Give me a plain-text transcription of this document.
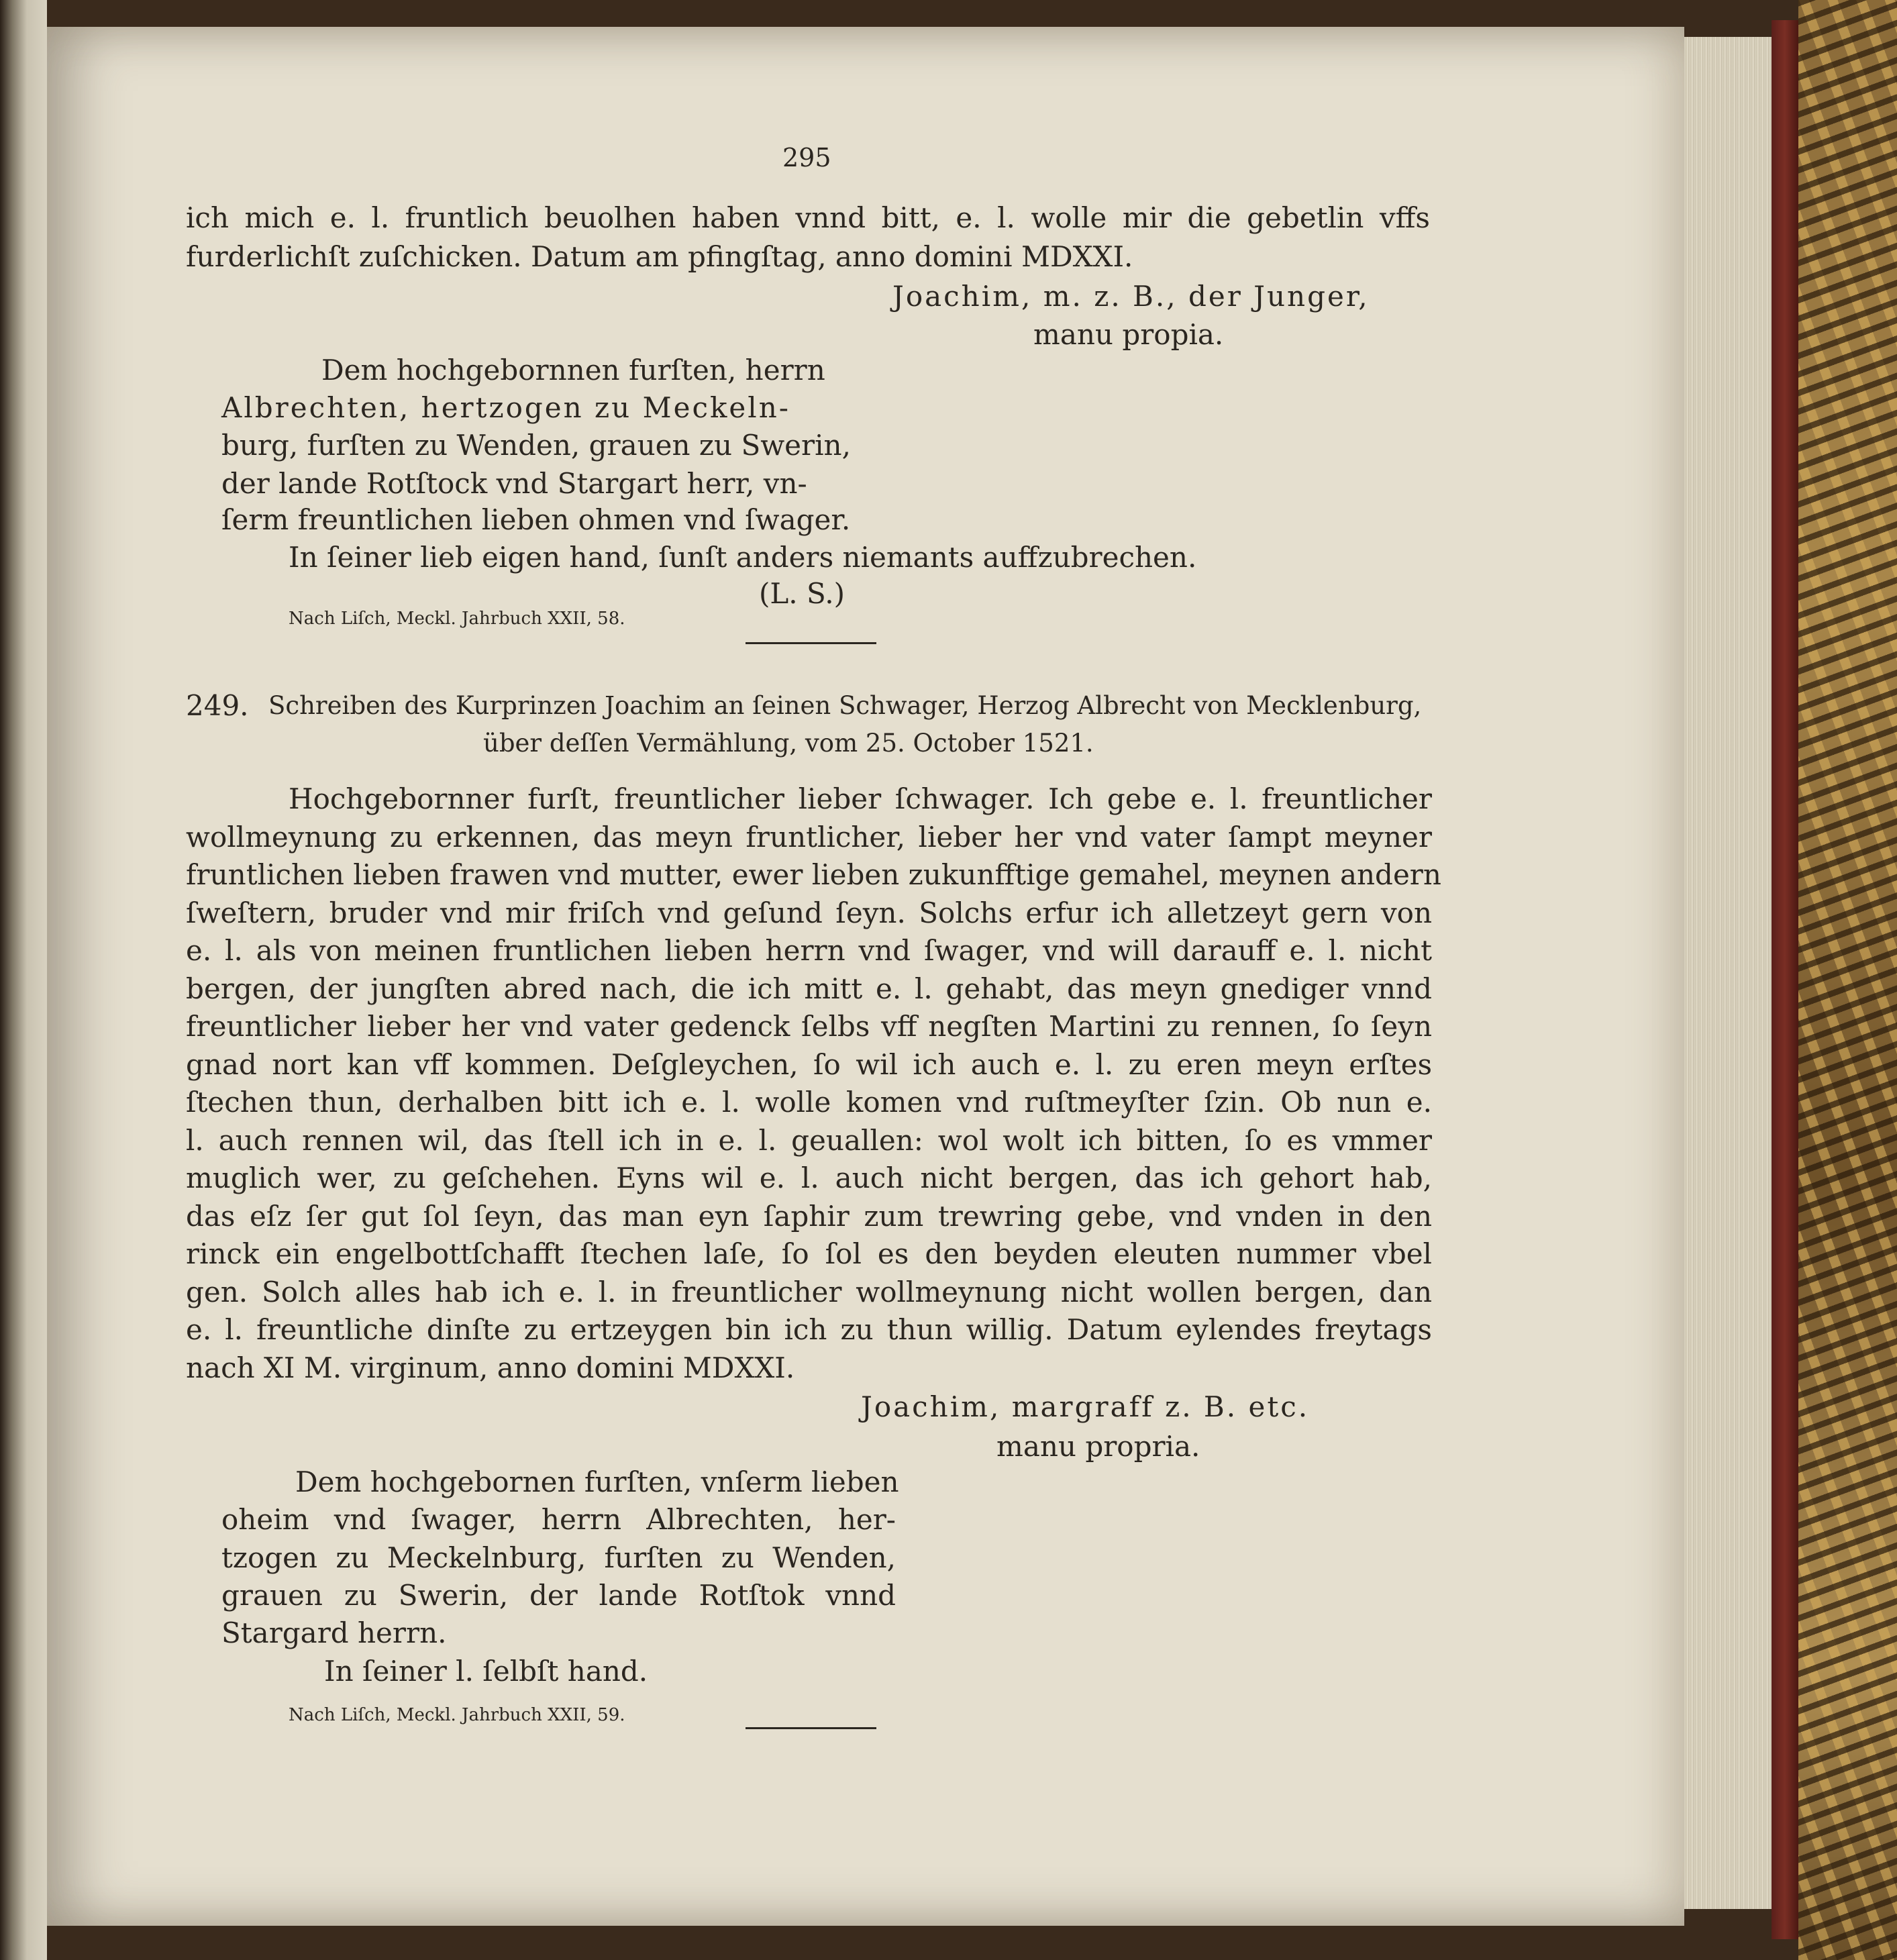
295

ich mich e. l. fruntlich beuolhen haben vnnd bitt, e. l. wolle mir die gebetlin vffs

furderlichſt zuſchicken. Datum am pfingſtag, anno domini MDXXI.

Joachim, m. z. B., der Junger,

manu propia.

Dem hochgebornnen furſten, herrn

Albrechten, hertzogen zu Meckeln-

burg, furſten zu Wenden, grauen zu Swerin,

der lande Rotſtock vnd Stargart herr, vn-

ſerm freuntlichen lieben ohmen vnd ſwager.

In ſeiner lieb eigen hand, ſunſt anders niemants auffzubrechen.

(L. S.)

Nach Liſch, Meckl. Jahrbuch XXII, 58.

249. Schreiben des Kurprinzen Joachim an ſeinen Schwager, Herzog Albrecht von Mecklenburg,

über deſſen Vermählung, vom 25. October 1521.

Hochgebornner furſt, freuntlicher lieber ſchwager. Ich gebe e. l. freuntlicher

wollmeynung zu erkennen, das meyn fruntlicher, lieber her vnd vater ſampt meyner

fruntlichen lieben frawen vnd mutter, ewer lieben zukunfftige gemahel, meynen andern

ſweſtern, bruder vnd mir friſch vnd geſund ſeyn. Solchs erfur ich alletzeyt gern von

e. l. als von meinen fruntlichen lieben herrn vnd ſwager, vnd will darauff e. l. nicht

bergen, der jungſten abred nach, die ich mitt e. l. gehabt, das meyn gnediger vnnd

freuntlicher lieber her vnd vater gedenck ſelbs vff negſten Martini zu rennen, ſo ſeyn

gnad nort kan vff kommen. Deſgleychen, ſo wil ich auch e. l. zu eren meyn erſtes

ſtechen thun, derhalben bitt ich e. l. wolle komen vnd ruſtmeyſter ſzin. Ob nun e.

l. auch rennen wil, das ſtell ich in e. l. geuallen: wol wolt ich bitten, ſo es vmmer

muglich wer, zu geſchehen. Eyns wil e. l. auch nicht bergen, das ich gehort hab,

das eſz ſer gut ſol ſeyn, das man eyn ſaphir zum trewring gebe, vnd vnden in den

rinck ein engelbottſchafft ſtechen laſe, ſo ſol es den beyden eleuten nummer vbel

gen. Solch alles hab ich e. l. in freuntlicher wollmeynung nicht wollen bergen, dan

e. l. freuntliche dinſte zu ertzeygen bin ich zu thun willig. Datum eylendes freytags

nach XI M. virginum, anno domini MDXXI.

Joachim, margraff z. B. etc.

manu propria.

Dem hochgebornen furſten, vnſerm lieben

oheim vnd ſwager, herrn Albrechten, her-

tzogen zu Meckelnburg, furſten zu Wenden,

grauen zu Swerin, der lande Rotſtok vnnd

Stargard herrn.

In ſeiner l. ſelbſt hand.

Nach Liſch, Meckl. Jahrbuch XXII, 59.
